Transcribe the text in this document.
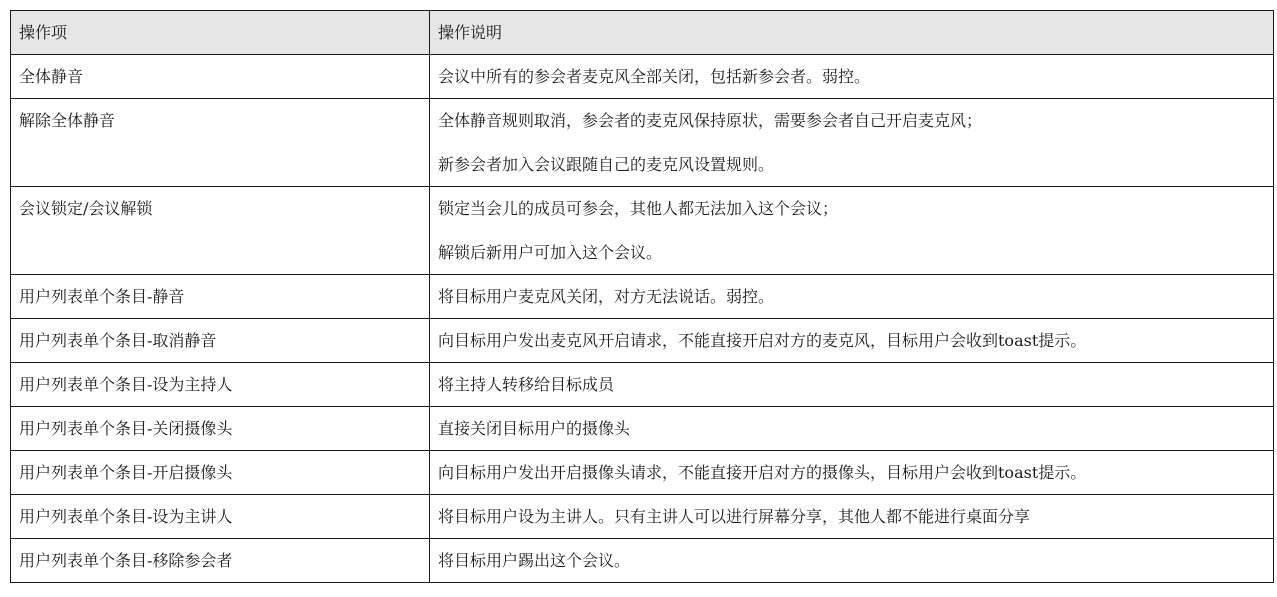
操作项	操作说明
全体静音	会议中所有的参会者麦克风全部关闭，包括新参会者。弱控。

解除全体静音	全体静音规则取消，参会者的麦克风保持原状，需要参会者自己开启麦克风；

新参会者加入会议跟随自己的麦克风设置规则。

会议锁定/会议解锁	锁定当会儿的成员可参会，其他人都无法加入这个会议；

解锁后新用户可加入这个会议。

用户列表单个条目-静音	将目标用户麦克风关闭，对方无法说话。弱控。

用户列表单个条目-取消静音	向目标用户发出麦克风开启请求，不能直接开启对方的麦克风，目标用户会收到toast提示。

用户列表单个条目-设为主持人	将主持人转移给目标成员

用户列表单个条目-关闭摄像头	直接关闭目标用户的摄像头

用户列表单个条目-开启摄像头	向目标用户发出开启摄像头请求，不能直接开启对方的摄像头，目标用户会收到toast提示。

用户列表单个条目-设为主讲人	将目标用户设为主讲人。只有主讲人可以进行屏幕分享，其他人都不能进行桌面分享

用户列表单个条目-移除参会者	将目标用户踢出这个会议。
